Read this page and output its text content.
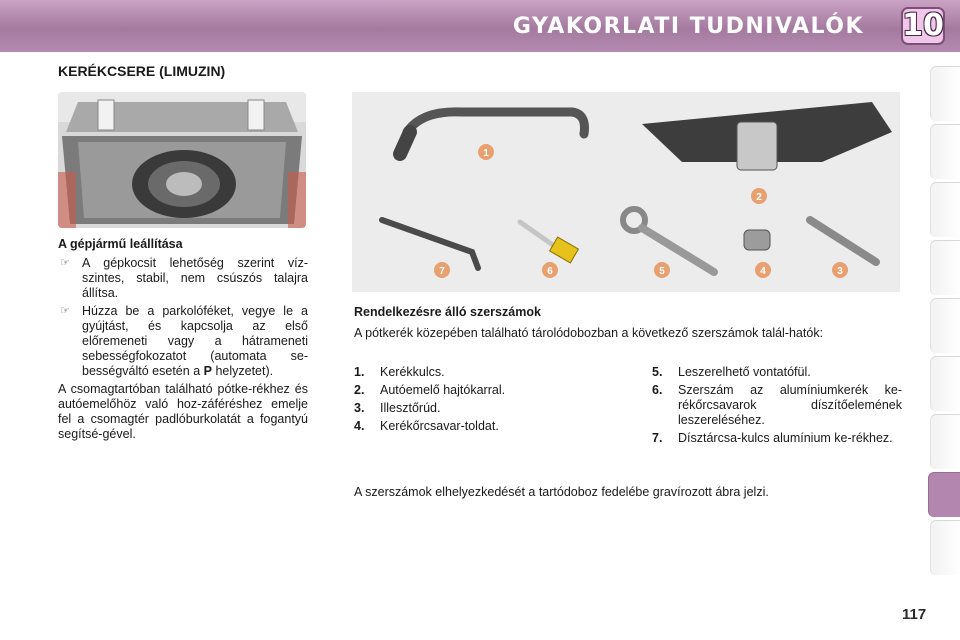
GYAKORLATI TUDNIVALÓK 10
KERÉKCSERE (LIMUZIN)
1
2
3
4
5
6
7
A gépjármű leállítása
☞ A gépkocsit lehetőség szerint víz-szintes, stabil, nem csúszós talajra állítsa.
☞ Húzza be a parkolóféket, vegye le a gyújtást, és kapcsolja az első előremeneti vagy a hátrameneti sebességfokozatot (automata se-bességváltó esetén a P helyzetet).

A csomagtartóban található pótke-rékhez és autóemelőhöz való hoz-záféréshez emelje fel a csomagtér padlóburkolatát a fogantyú segítsé-gével.

Rendelkezésre álló szerszámok

A pótkerék közepében található tárolódobozban a következő szerszámok talál-hatók:

1. Kerékkulcs.
2. Autóemelő hajtókarral.
3. Illesztőrúd.
4. Kerékőrcsavar-toldat.
5. Leszerelhető vontatófül.
6. Szerszám az alumíniumkerék ke-rékőrcsavarok díszítőelemének leszereléséhez.
7. Dísztárcsa-kulcs alumínium ke-rékhez.
A szerszámok elhelyezkedését a tartódoboz fedelébe gravírozott ábra jelzi.
117
